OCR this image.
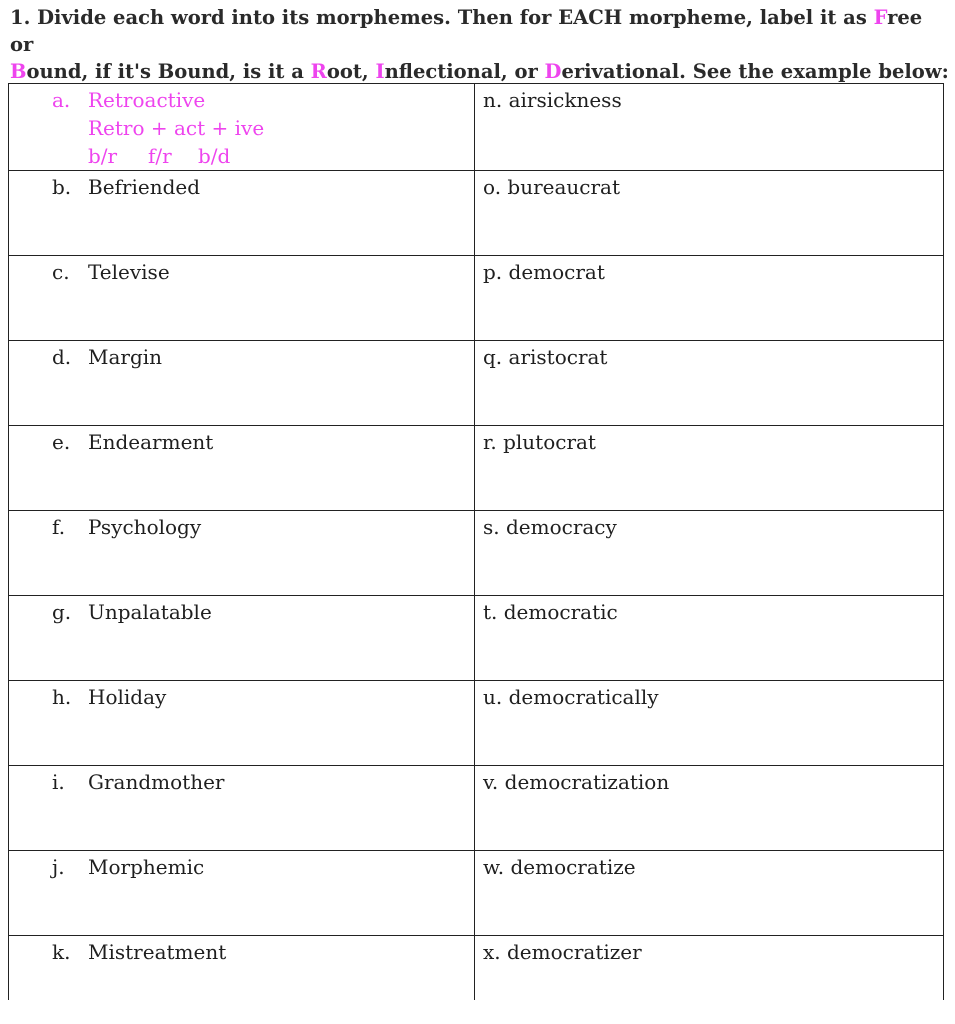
1. Divide each word into its morphemes. Then for EACH morpheme, label it as Free or
Bound, if it's Bound, is it a Root, Inflectional, or Derivational. See the example below:
a. Retroactive
Retro + act + ive
b/r f/r b/d	n. airsickness

b. Befriended	o. bureaucrat

c. Televise	p. democrat

d. Margin	q. aristocrat

e. Endearment	r. plutocrat

f. Psychology	s. democracy

g. Unpalatable	t. democratic

h. Holiday	u. democratically

i. Grandmother	v. democratization

j. Morphemic	w. democratize

k. Mistreatment	x. democratizer
